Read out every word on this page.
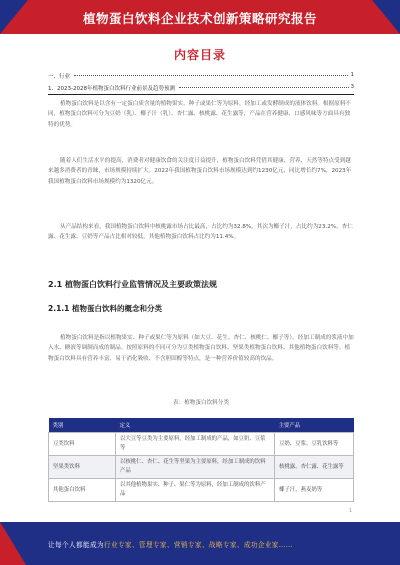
植物蛋白饮料企业技术创新策略研究报告
内容目录
一、行业	1
1．2023-2028年植物蛋白饮料行业前景及趋势预测	3
植物蛋白饮料是以含有一定蛋白质含量的植物果实、种子或果仁等为原料，经加工或发酵制成的液体饮料。根据原料不同，植物蛋白饮料可分为豆奶（乳）、椰子汁（乳）、杏仁露、核桃露、花生露等，产品在营养健康、口感风味等方面具有独特的优势。
随着人们生活水平的提高，消费者对健康饮食的关注度日益提升，植物蛋白饮料凭借其健康、营养、天然等特点受到越来越多消费者的青睐，市场规模持续扩大。2022年我国植物蛋白饮料市场规模达到约1230亿元，同比增长约7%，2023年我国植物蛋白饮料市场规模约为1320亿元。
从产品结构来看，我国植物蛋白饮料中核桃露市场占比最高，占比约为32.8%，其次为椰子汁，占比约为23.2%，杏仁露、花生露、豆奶等产品占比相对较低，其他植物蛋白饮料占比约为11.4%。
2.1 植物蛋白饮料行业监管情况及主要政策法规
2.1.1 植物蛋白饮料的概念和分类
植物蛋白饮料是指以植物果实、种子或果仁等为原料（如大豆、花生、杏仁、核桃仁、椰子等），经加工制成的浆液中加入水、糖液等调制而成的制品。按照原料的不同可分为豆类植物蛋白饮料、坚果类植物蛋白饮料、其他植物蛋白饮料等。植物蛋白饮料具有营养丰富、易于消化吸收、不含胆固醇等特点，是一种营养价值较高的饮品。
表：植物蛋白饮料分类
类别	定义	主要产品
豆类饮料	以大豆等豆类为主要原料，经加工制成的产品，如豆奶、豆浆等	豆奶、豆浆、豆乳饮料等
坚果类饮料	以核桃仁、杏仁、花生等坚果为主要原料，经加工制成的饮料产品	核桃露、杏仁露、花生露等
其他蛋白饮料	以其他植物果实、种子、果仁等为原料，经加工制成的饮料产品	椰子汁、燕麦奶等
1
让每个人都能成为行业专家、管理专家、营销专家、战略专家、成功企业家……
